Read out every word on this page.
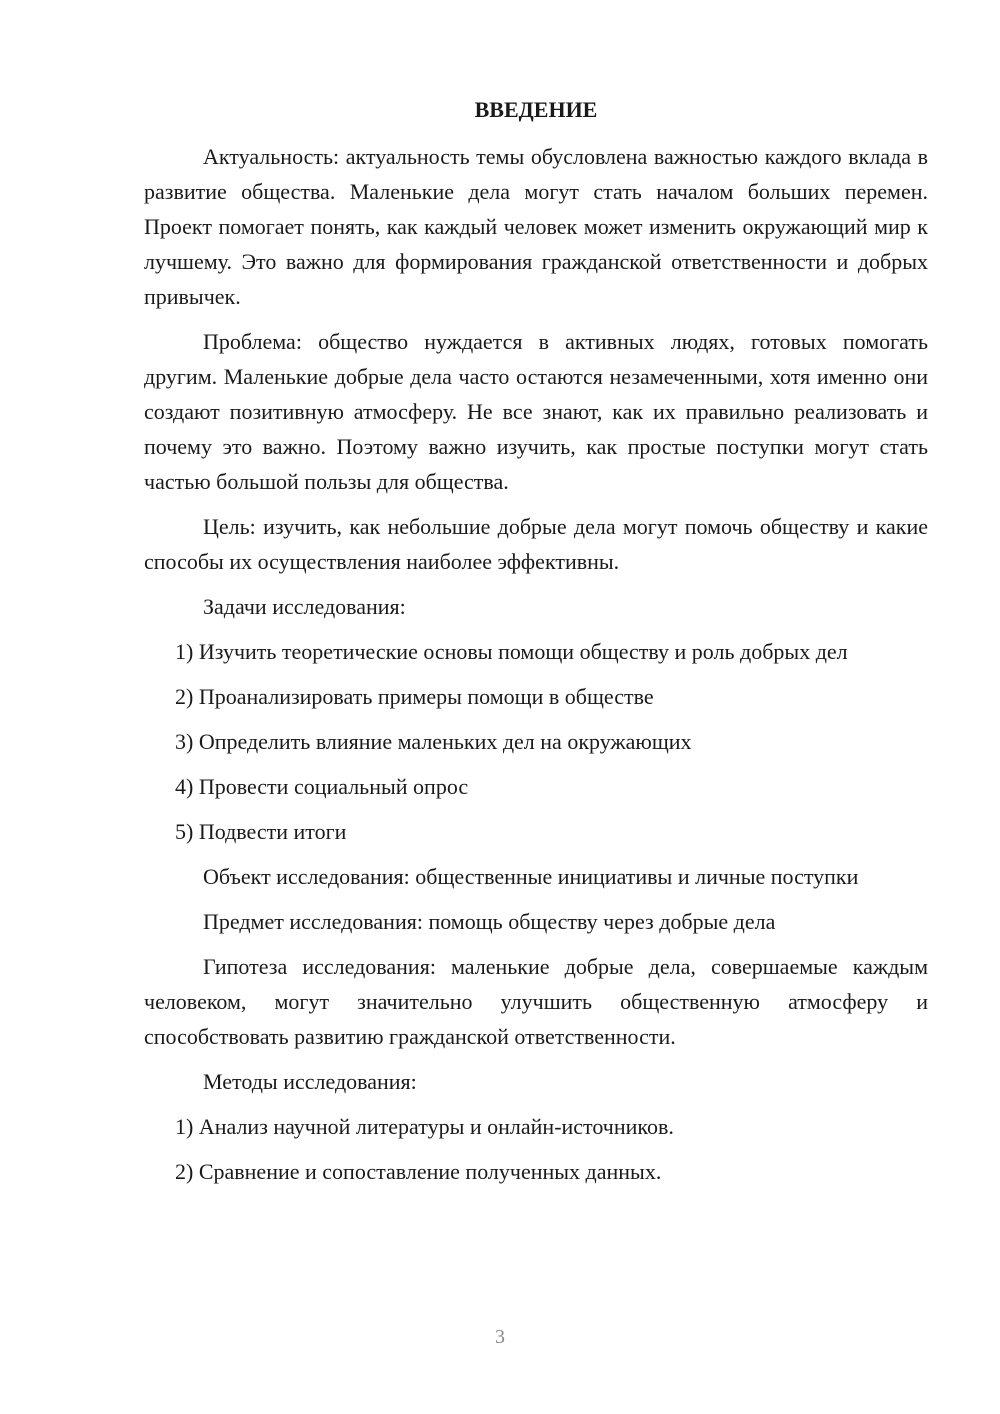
ВВЕДЕНИЕ

Актуальность: актуальность темы обусловлена важностью каждого вклада в развитие общества. Маленькие дела могут стать началом больших перемен. Проект помогает понять, как каждый человек может изменить окружающий мир к лучшему. Это важно для формирования гражданской ответственности и добрых привычек.

Проблема: общество нуждается в активных людях, готовых помогать другим. Маленькие добрые дела часто остаются незамеченными, хотя именно они создают позитивную атмосферу. Не все знают, как их правильно реализовать и почему это важно. Поэтому важно изучить, как простые поступки могут стать частью большой пользы для общества.

Цель: изучить, как небольшие добрые дела могут помочь обществу и какие способы их осуществления наиболее эффективны.

Задачи исследования:

1) Изучить теоретические основы помощи обществу и роль добрых дел

2) Проанализировать примеры помощи в обществе

3) Определить влияние маленьких дел на окружающих

4) Провести социальный опрос

5) Подвести итоги

Объект исследования: общественные инициативы и личные поступки

Предмет исследования: помощь обществу через добрые дела

Гипотеза исследования: маленькие добрые дела, совершаемые каждым человеком, могут значительно улучшить общественную атмосферу и способствовать развитию гражданской ответственности.

Методы исследования:

1) Анализ научной литературы и онлайн-источников.

2) Сравнение и сопоставление полученных данных.

3
